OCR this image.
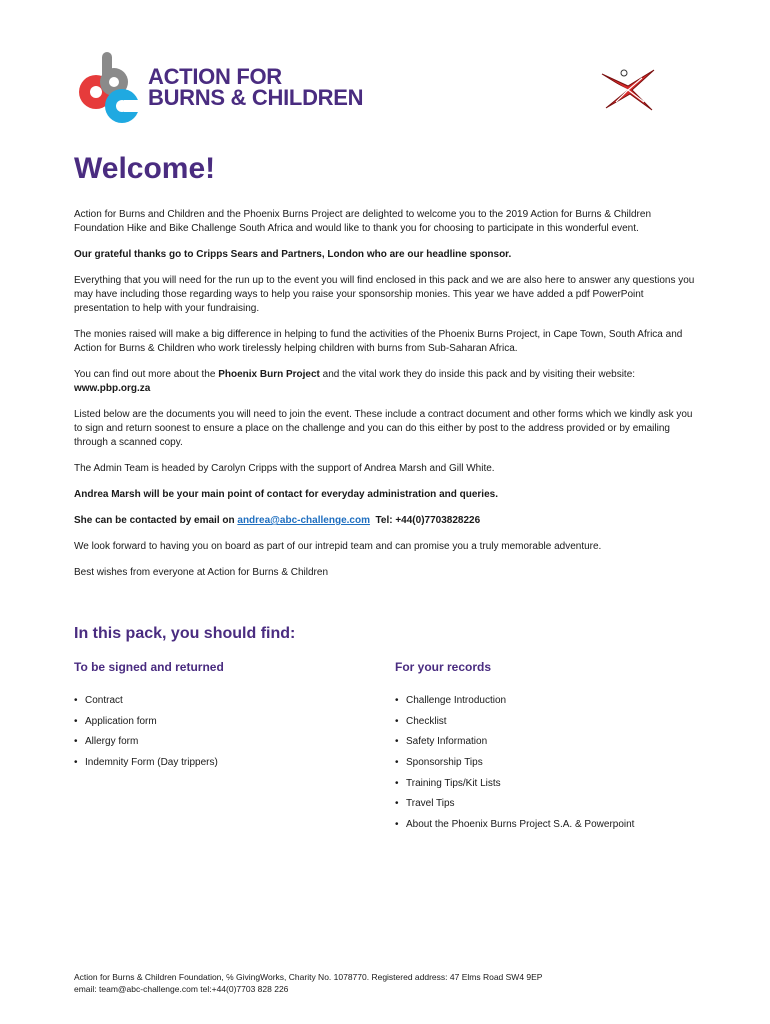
ACTION FOR
BURNS & CHILDREN
Welcome!

Action for Burns and Children and the Phoenix Burns Project are delighted to welcome you to the 2019 Action for Burns & Children Foundation Hike and Bike Challenge South Africa and would like to thank you for choosing to participate in this wonderful event.

Our grateful thanks go to Cripps Sears and Partners, London who are our headline sponsor.

Everything that you will need for the run up to the event you will find enclosed in this pack and we are also here to answer any questions you may have including those regarding ways to help you raise your sponsorship monies. This year we have added a pdf PowerPoint presentation to help with your fundraising.

The monies raised will make a big difference in helping to fund the activities of the Phoenix Burns Project, in Cape Town, South Africa and Action for Burns & Children who work tirelessly helping children with burns from Sub-Saharan Africa.

You can find out more about the Phoenix Burn Project and the vital work they do inside this pack and by visiting their website:
www.pbp.org.za

Listed below are the documents you will need to join the event. These include a contract document and other forms which we kindly ask you to sign and return soonest to ensure a place on the challenge and you can do this either by post to the address provided or by emailing through a scanned copy.

The Admin Team is headed by Carolyn Cripps with the support of Andrea Marsh and Gill White.

Andrea Marsh will be your main point of contact for everyday administration and queries.

She can be contacted by email on andrea@abc-challenge.com  Tel: +44(0)7703828226

We look forward to having you on board as part of our intrepid team and can promise you a truly memorable adventure.

Best wishes from everyone at Action for Burns & Children

In this pack, you should find:
To be signed and returned
• Contract
• Application form
• Allergy form
• Indemnity Form (Day trippers)
For your records
• Challenge Introduction
• Checklist
• Safety Information
• Sponsorship Tips
• Training Tips/Kit Lists
• Travel Tips
• About the Phoenix Burns Project S.A. & Powerpoint
Action for Burns & Children Foundation, ℅ GivingWorks, Charity No. 1078770. Registered address: 47 Elms Road SW4 9EP
email: team@abc-challenge.com tel:+44(0)7703 828 226
